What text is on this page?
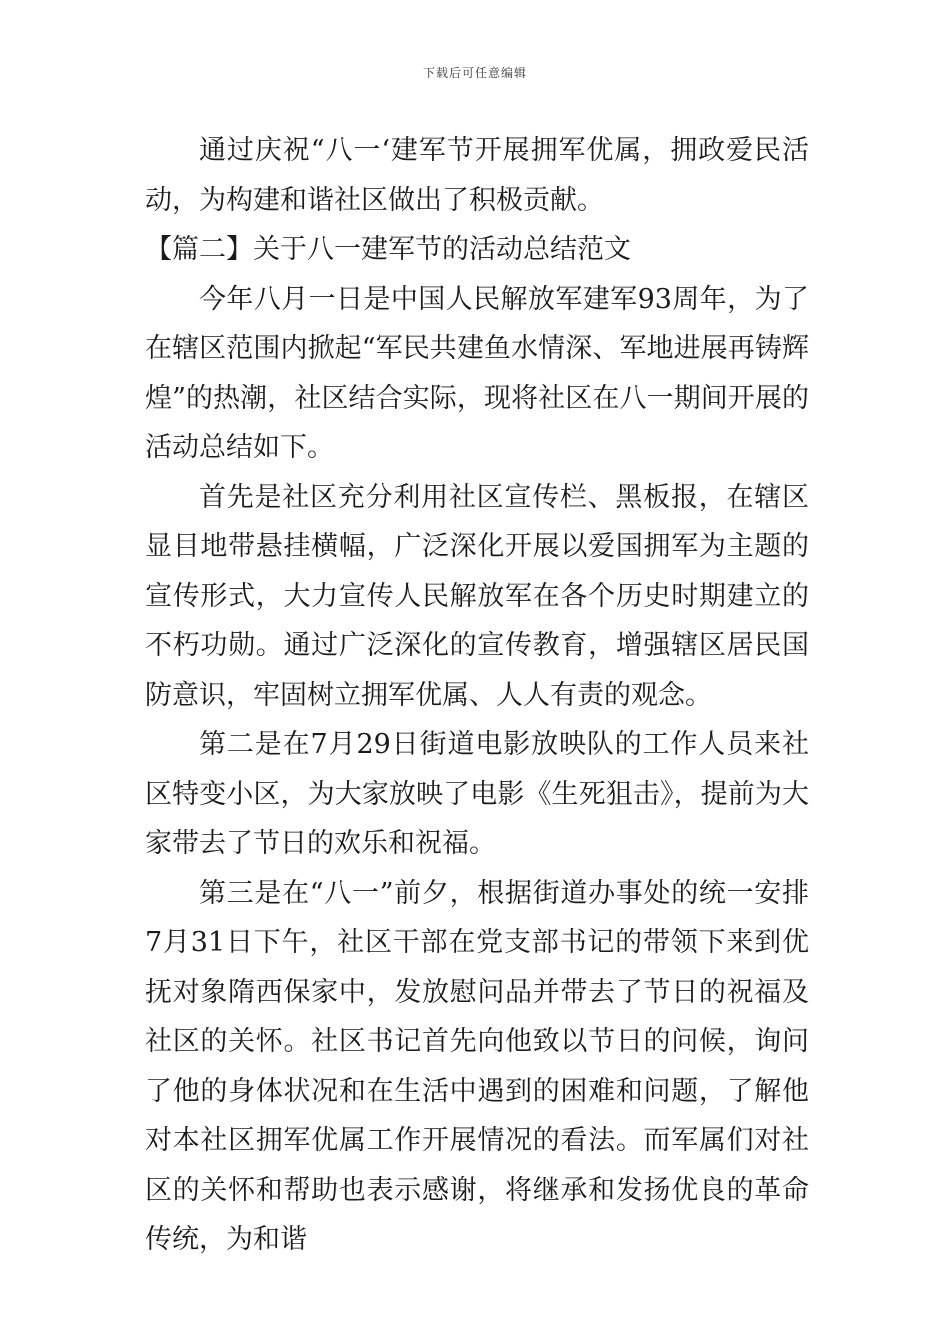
下载后可任意编辑

通过庆祝“八一‘建军节开展拥军优属，拥政爱民活动，为构建和谐社区做出了积极贡献。

【篇二】关于八一建军节的活动总结范文

今年八月一日是中国人民解放军建军93周年，为了在辖区范围内掀起“军民共建鱼水情深、军地进展再铸辉煌”的热潮，社区结合实际，现将社区在八一期间开展的活动总结如下。

首先是社区充分利用社区宣传栏、黑板报，在辖区显目地带悬挂横幅，广泛深化开展以爱国拥军为主题的宣传形式，大力宣传人民解放军在各个历史时期建立的不朽功勋。通过广泛深化的宣传教育，增强辖区居民国防意识，牢固树立拥军优属、人人有责的观念。

第二是在7月29日街道电影放映队的工作人员来社区特变小区，为大家放映了电影《生死狙击》，提前为大家带去了节日的欢乐和祝福。

第三是在“八一”前夕，根据街道办事处的统一安排7月31日下午，社区干部在党支部书记的带领下来到优抚对象隋西保家中，发放慰问品并带去了节日的祝福及社区的关怀。社区书记首先向他致以节日的问候，询问了他的身体状况和在生活中遇到的困难和问题，了解他对本社区拥军优属工作开展情况的看法。而军属们对社区的关怀和帮助也表示感谢，将继承和发扬优良的革命传统，为和谐
